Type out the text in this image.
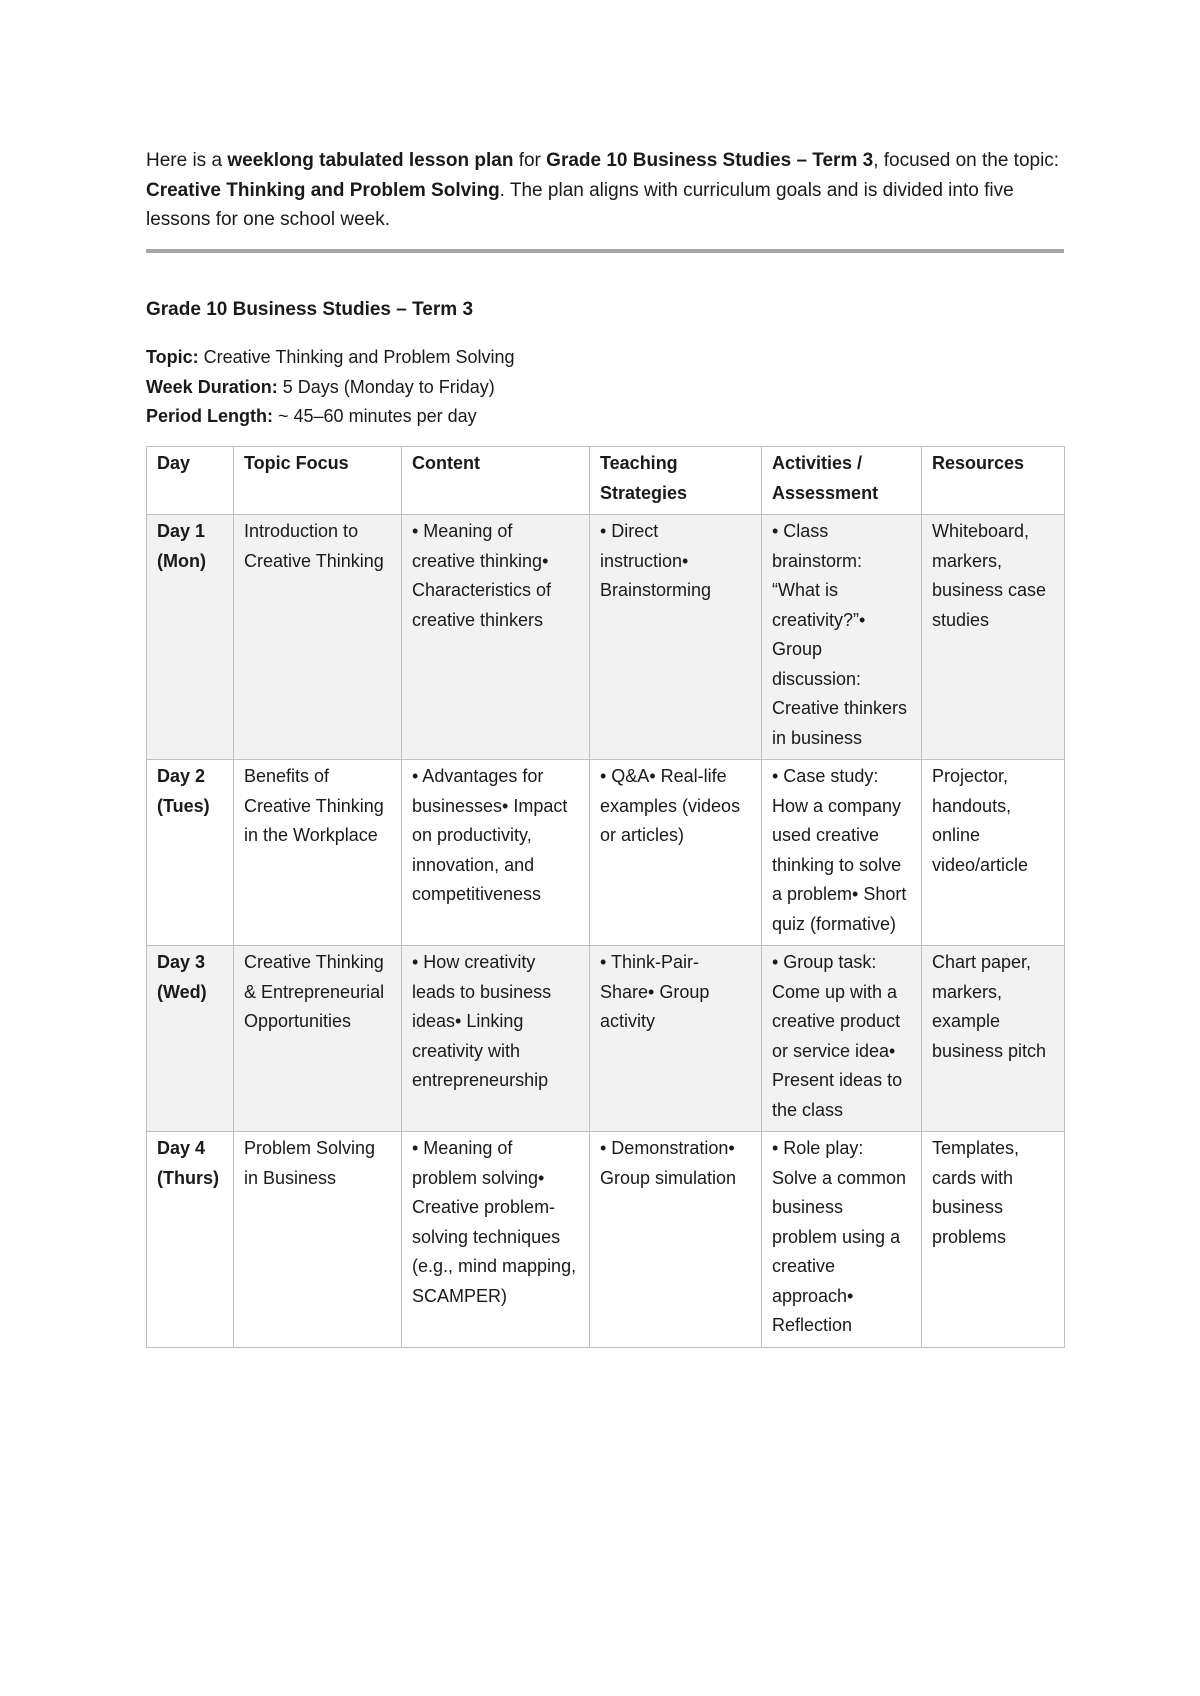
Here is a weeklong tabulated lesson plan for Grade 10 Business Studies – Term 3, focused on the topic: Creative Thinking and Problem Solving. The plan aligns with curriculum goals and is divided into five lessons for one school week.
Grade 10 Business Studies – Term 3
Topic: Creative Thinking and Problem Solving
Week Duration: 5 Days (Monday to Friday)
Period Length: ~ 45–60 minutes per day
Day	Topic Focus	Content	Teaching Strategies	Activities / Assessment	Resources

Day 1
(Mon)	Introduction to Creative Thinking	• Meaning of creative thinking• Characteristics of creative thinkers	• Direct instruction• Brainstorming	• Class brainstorm: “What is creativity?”• Group discussion: Creative thinkers in business	Whiteboard, markers, business case studies

Day 2
(Tues)	Benefits of Creative Thinking in the Workplace	• Advantages for businesses• Impact on productivity, innovation, and competitiveness	• Q&A• Real-life examples (videos or articles)	• Case study: How a company used creative thinking to solve a problem• Short quiz (formative)	Projector, handouts, online video/article

Day 3
(Wed)	Creative Thinking & Entrepreneurial Opportunities	• How creativity leads to business ideas• Linking creativity with entrepreneurship	• Think-Pair-Share• Group activity	• Group task: Come up with a creative product or service idea• Present ideas to the class	Chart paper, markers, example business pitch

Day 4
(Thurs)	Problem Solving in Business	• Meaning of problem solving• Creative problem-solving techniques (e.g., mind mapping, SCAMPER)	• Demonstration• Group simulation	• Role play: Solve a common business problem using a creative approach• Reflection	Templates, cards with business problems
